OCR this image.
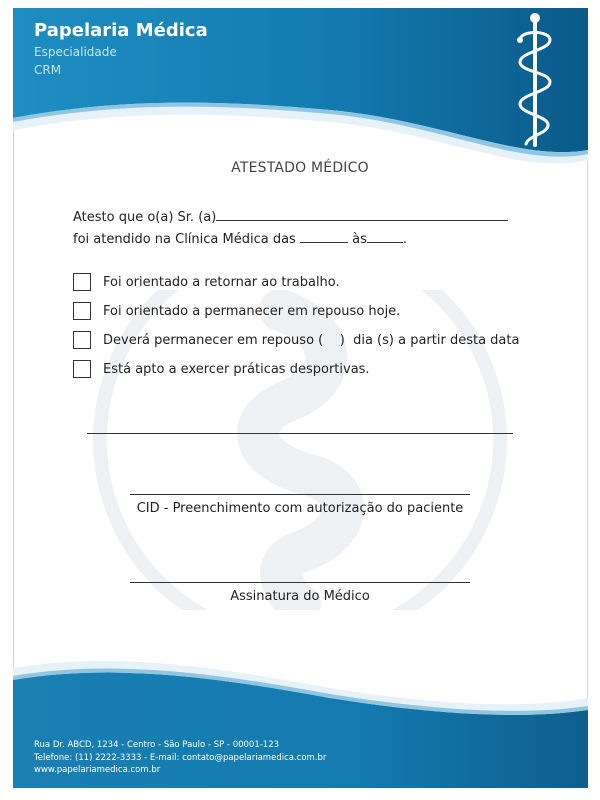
Papelaria Médica
Especialidade
CRM
ATESTADO MÉDICO
Atesto que o(a) Sr. (a)
foi atendido na Clínica Médica das	às	.
Foi orientado a retornar ao trabalho.
Foi orientado a permanecer em repouso hoje.
Deverá permanecer em repouso (    )  dia (s) a partir desta data
Está apto a exercer práticas desportivas.
CID - Preenchimento com autorização do paciente
Assinatura do Médico
Rua Dr. ABCD, 1234 - Centro - São Paulo - SP - 00001-123
Telefone: (11) 2222-3333 - E-mail: contato@papelariamedica.com.br
www.papelariamedica.com.br
